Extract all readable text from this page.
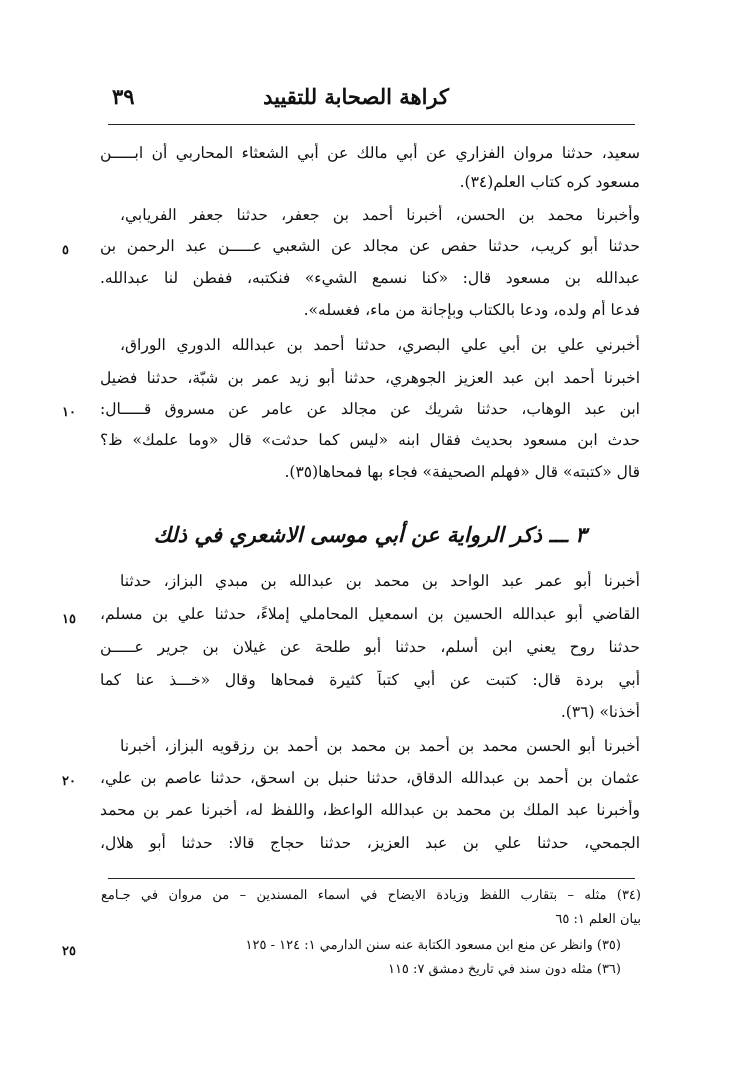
كراهة الصحابة للتقييد
٣٩
سعيد، حدثنا مروان الفزاري عن أبي مالك عن أبي الشعثاء المحاربي أن ابـــــن
مسعود كره كتاب العلم(٣٤).
وأخبرنا محمد بن الحسن، أخبرنا أحمد بن جعفر، حدثنا جعفر الفريابي،
حدثنا أبو كريب، حدثنا حفص عن مجالد عن الشعبي عـــــن عبد الرحمن بن
عبدالله بن مسعود قال: «كنا نسمع الشيء» فنكتبه، ففطن لنا عبدالله.
فدعا أم ولده، ودعا بالكتاب وبإجانة من ماء، فغسله».
أخبرني علي بن أبي علي البصري، حدثنا أحمد بن عبدالله الدوري الوراق،
اخبرنا أحمد ابن عبد العزيز الجوهري، حدثنا أبو زيد عمر بن شبّة، حدثنا فضيل
ابن عبد الوهاب، حدثنا شريك عن مجالد عن عامر عن مسروق قـــــال:
حدث ابن مسعود بحديث فقال ابنه «ليس كما حدثت» قال «وما علمك» ظ؟
قال «كتبته» قال «فهلم الصحيفة» فجاء بها فمحاها(٣٥).
٥
١٠
٣ ـــ ذكر الرواية عن أبي موسى الاشعري في ذلك
أخبرنا أبو عمر عبد الواحد بن محمد بن عبدالله بن مبدي البزاز، حدثنا
القاضي أبو عبدالله الحسين بن اسمعيل المحاملي إملاءً، حدثنا علي بن مسلم،
حدثنا روح يعني ابن أسلم، حدثنا أبو طلحة عن غيلان بن جرير عـــــن
أبي بردة قال: كتبت عن أبي كتباً كثيرة فمحاها وقال «خـــذ عنا كما
أخذنا» (٣٦).
أخبرنا أبو الحسن محمد بن أحمد بن محمد بن أحمد بن رزقويه البزاز، أخبرنا
عثمان بن أحمد بن عبدالله الدقاق، حدثنا حنبل بن اسحق، حدثنا عاصم بن علي،
وأخبرنا عبد الملك بن محمد بن عبدالله الواعظ، واللفظ له، أخبرنا عمر بن محمد
الجمحي، حدثنا علي بن عبد العزيز، حدثنا حجاج قالا: حدثنا أبو هلال،
١٥
٢٠
(٣٤) مثله – بتقارب اللفظ وزيادة الايضاح في أسماء المسندين – من مروان في جـامع
بيان العلم ١: ٦٥
(٣٥) وانظر عن منع ابن مسعود الكتابة عنه سنن الدارمي ١: ١٢٤ - ١٢٥
(٣٦) مثله دون سند في تاريخ دمشق ٧: ١١٥
٢٥
